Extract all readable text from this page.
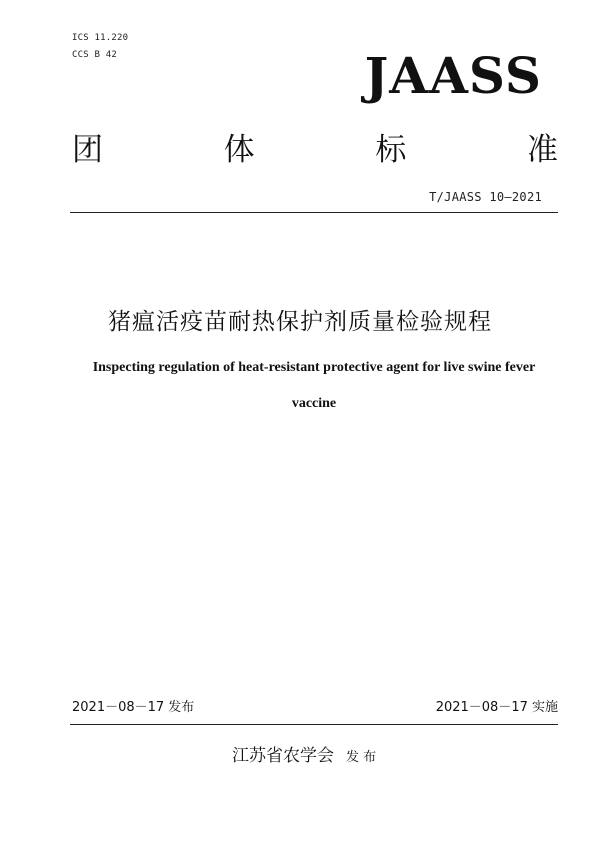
ICS 11.220
CCS B 42	JAASS
团	体	标	准
T/JAASS 10—2021
猪瘟活疫苗耐热保护剂质量检验规程
Inspecting regulation of heat-resistant protective agent for live swine fever vaccine
2021－08－17 发布	2021－08－17 实施
江苏省农学会 发 布
